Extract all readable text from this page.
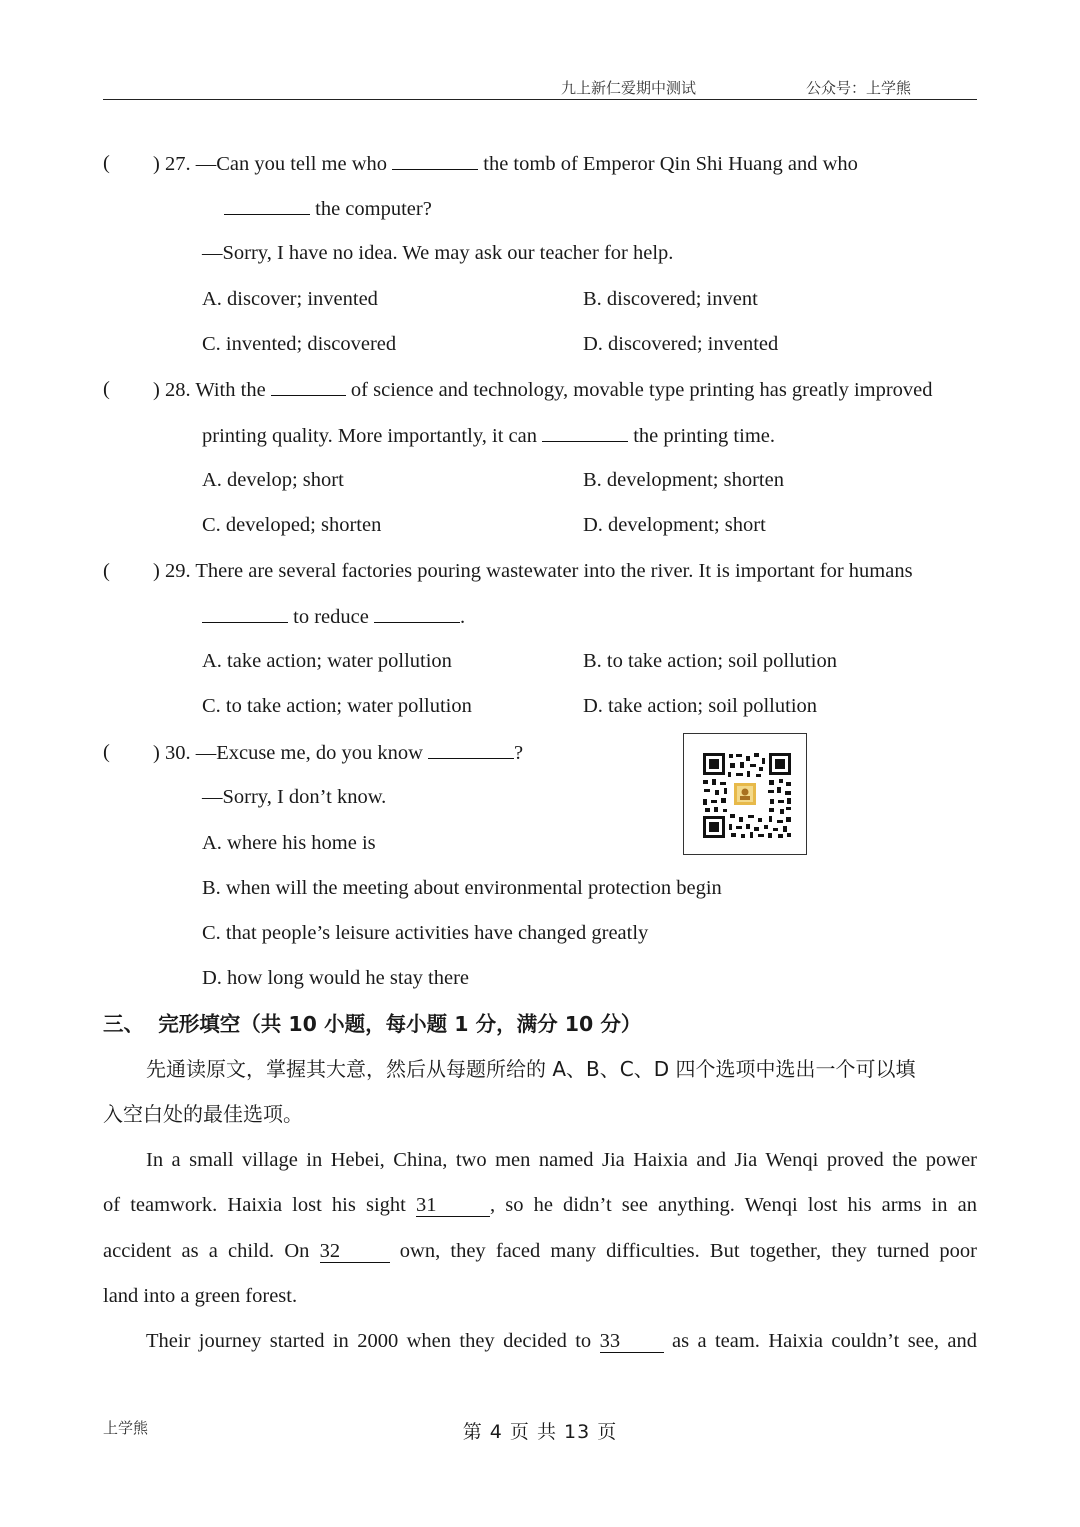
九上新仁爱期中测试	公众号：上学熊
( ) 27. —Can you tell me who	the tomb of Emperor Qin Shi Huang and who
the computer?
—Sorry, I have no idea. We may ask our teacher for help.
A. discover; invented	B. discovered; invent
C. invented; discovered	D. discovered; invented
( ) 28. With the	of science and technology, movable type printing has greatly improved
printing quality. More importantly, it can	the printing time.
A. develop; short	B. development; shorten
C. developed; shorten	D. development; short
( ) 29. There are several factories pouring wastewater into the river. It is important for humans
to reduce	.
A. take action; water pollution	B. to take action; soil pollution
C. to take action; water pollution	D. take action; soil pollution
( ) 30. —Excuse me, do you know	?
—Sorry, I don’t know.
A. where his home is
B. when will the meeting about environmental protection begin
C. that people’s leisure activities have changed greatly
D. how long would he stay there
三、  完形填空（共 10 小题，每小题 1 分，满分 10 分）
先通读原文，掌握其大意，然后从每题所给的 A、B、C、D 四个选项中选出一个可以填
入空白处的最佳选项。
In a small village in Hebei, China, two men named Jia Haixia and Jia Wenqi proved the power
of teamwork. Haixia lost his sight 31	, so he didn’t see anything. Wenqi lost his arms in an
accident as a child. On 32	own, they faced many difficulties. But together, they turned poor
land into a green forest.
Their journey started in 2000 when they decided to 33	as a team. Haixia couldn’t see, and
上学熊	第 4 页 共 13 页
